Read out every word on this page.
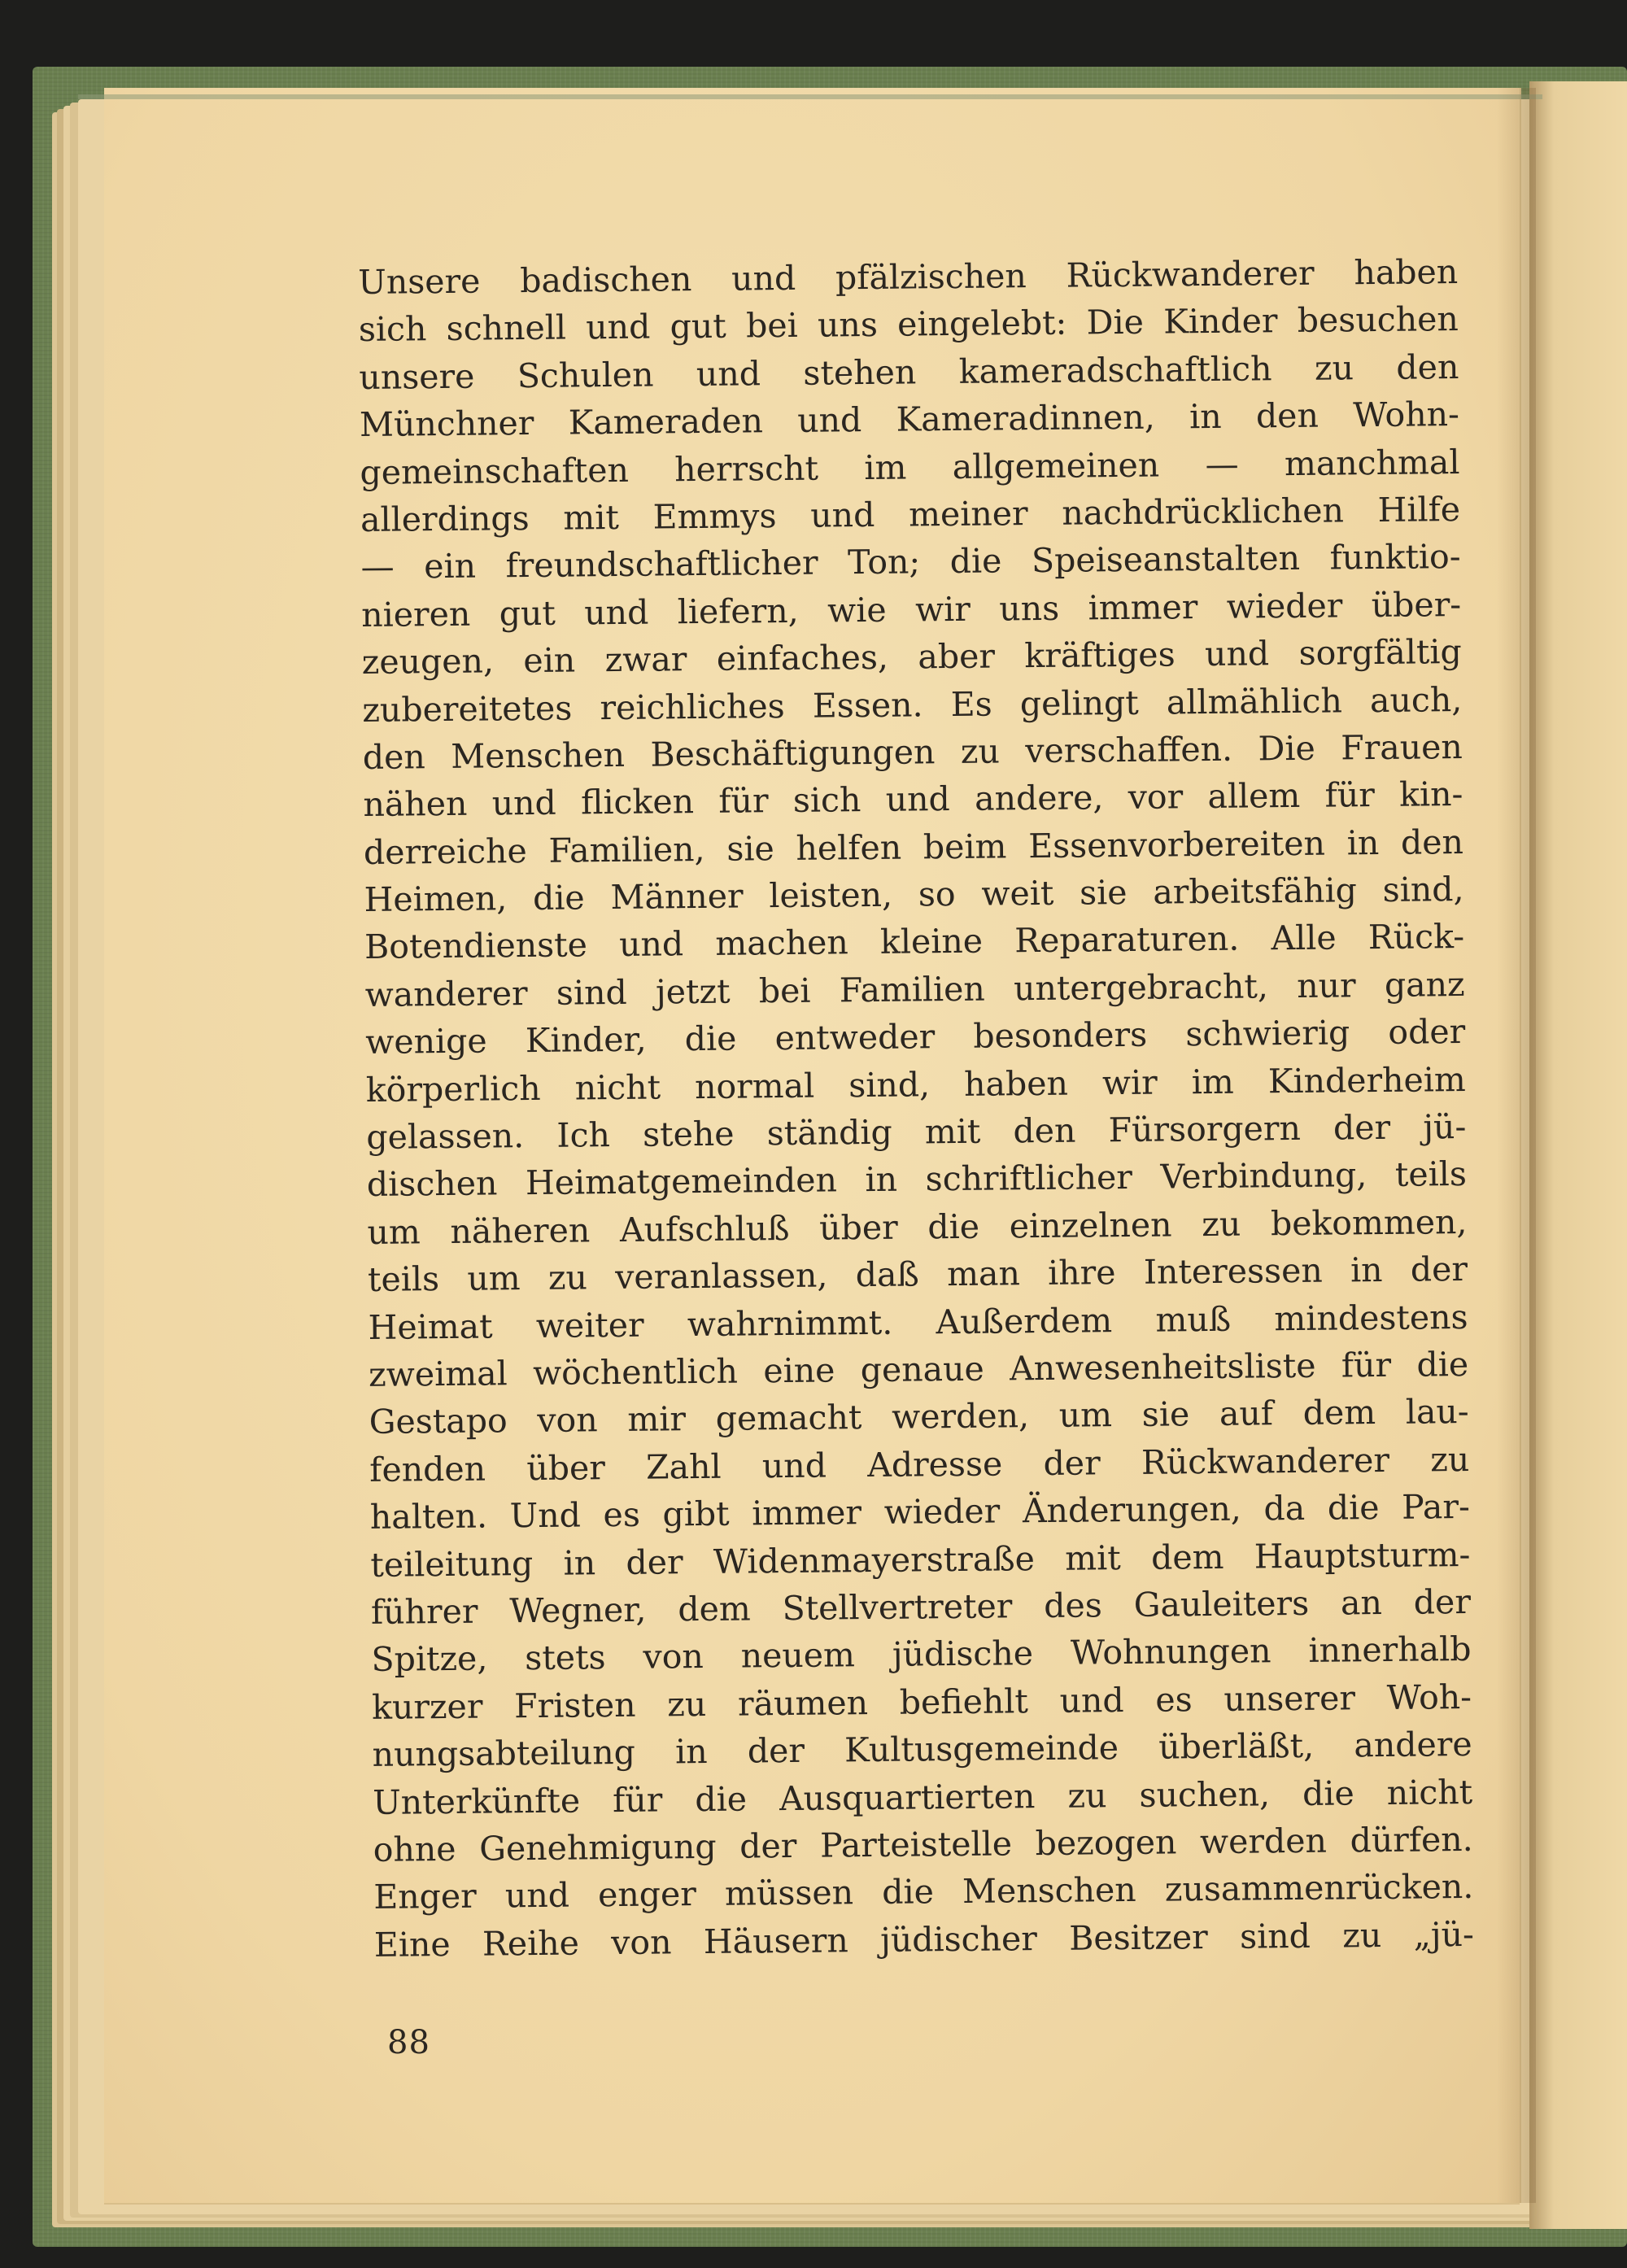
Unsere badischen und pfälzischen Rückwanderer haben
sich schnell und gut bei uns eingelebt: Die Kinder besuchen
unsere Schulen und stehen kameradschaftlich zu den
Münchner Kameraden und Kameradinnen, in den Wohn-
gemeinschaften herrscht im allgemeinen — manchmal
allerdings mit Emmys und meiner nachdrücklichen Hilfe
— ein freundschaftlicher Ton; die Speiseanstalten funktio-
nieren gut und liefern, wie wir uns immer wieder über-
zeugen, ein zwar einfaches, aber kräftiges und sorgfältig
zubereitetes reichliches Essen. Es gelingt allmählich auch,
den Menschen Beschäftigungen zu verschaffen. Die Frauen
nähen und flicken für sich und andere, vor allem für kin-
derreiche Familien, sie helfen beim Essenvorbereiten in den
Heimen, die Männer leisten, so weit sie arbeitsfähig sind,
Botendienste und machen kleine Reparaturen. Alle Rück-
wanderer sind jetzt bei Familien untergebracht, nur ganz
wenige Kinder, die entweder besonders schwierig oder
körperlich nicht normal sind, haben wir im Kinderheim
gelassen. Ich stehe ständig mit den Fürsorgern der jü-
dischen Heimatgemeinden in schriftlicher Verbindung, teils
um näheren Aufschluß über die einzelnen zu bekommen,
teils um zu veranlassen, daß man ihre Interessen in der
Heimat weiter wahrnimmt. Außerdem muß mindestens
zweimal wöchentlich eine genaue Anwesenheitsliste für die
Gestapo von mir gemacht werden, um sie auf dem lau-
fenden über Zahl und Adresse der Rückwanderer zu
halten. Und es gibt immer wieder Änderungen, da die Par-
teileitung in der Widenmayerstraße mit dem Hauptsturm-
führer Wegner, dem Stellvertreter des Gauleiters an der
Spitze, stets von neuem jüdische Wohnungen innerhalb
kurzer Fristen zu räumen befiehlt und es unserer Woh-
nungsabteilung in der Kultusgemeinde überläßt, andere
Unterkünfte für die Ausquartierten zu suchen, die nicht
ohne Genehmigung der Parteistelle bezogen werden dürfen.
Enger und enger müssen die Menschen zusammenrücken.
Eine Reihe von Häusern jüdischer Besitzer sind zu „jü-
88
